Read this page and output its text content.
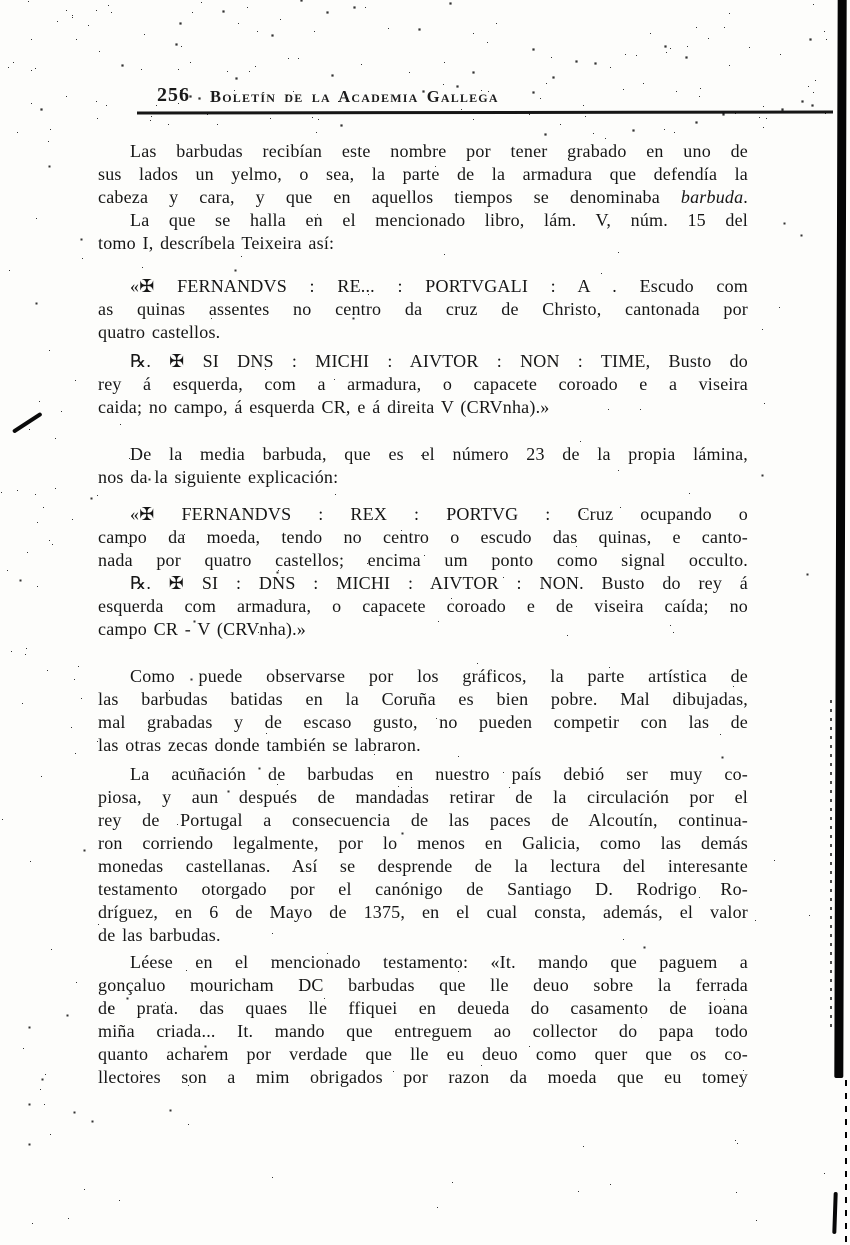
256 Boletín de la Academia Gallega
Las barbudas recibían este nombre por tener grabado en uno de
sus lados un yelmo, o sea, la parte de la armadura que defendía la
cabeza y cara, y que en aquellos tiempos se denominaba barbuda.
La que se halla en el mencionado libro, lám. V, núm. 15 del
tomo I, descríbela Teixeira así:
«✠ FERNANDVS : RE... : PORTVGALI : A . Escudo com
as quinas assentes no centro da cruz de Christo, cantonada por
quatro castellos.
℞. ✠ SI DNS : MICHI : AIVTOR : NON : TIME, Busto do
rey á esquerda, com a armadura, o capacete coroado e a viseira
caida; no campo, á esquerda CR, e á direita V (CRVnha).»
De la media barbuda, que es el número 23 de la propia lámina,
nos da la siguiente explicación:
«✠ FERNANDVS : REX : PORTVG : Cruz ocupando o
campo da moeda, tendo no centro o escudo das quinas, e canto-
nada por quatro castellos; encima um ponto como signal occulto.
℞. ✠ SI : DNS : MICHI : AIVTOR : NON. Busto do rey á
esquerda com armadura, o capacete coroado e de viseira caída; no
campo CR - V (CRVnha).»
Como puede observarse por los gráficos, la parte artística de
las barbudas batidas en la Coruña es bien pobre. Mal dibujadas,
mal grabadas y de escaso gusto, no pueden competir con las de
las otras zecas donde también se labraron.
La acuñación de barbudas en nuestro país debió ser muy co-
piosa, y aun después de mandadas retirar de la circulación por el
rey de Portugal a consecuencia de las paces de Alcoutín, continua-
ron corriendo legalmente, por lo menos en Galicia, como las demás
monedas castellanas. Así se desprende de la lectura del interesante
testamento otorgado por el canónigo de Santiago D. Rodrigo Ro-
dríguez, en 6 de Mayo de 1375, en el cual consta, además, el valor
de las barbudas.
Léese en el mencionado testamento: «It. mando que paguem a
gonçaluo mouricham DC barbudas que lle deuo sobre la ferrada
de prata. das quaes lle ffiquei en deueda do casamento de ioana
miña criada... It. mando que entreguem ao collector do papa todo
quanto acharem por verdade que lle eu deuo como quer que os co-
llectores son a mim obrigados por razon da moeda que eu tomey
